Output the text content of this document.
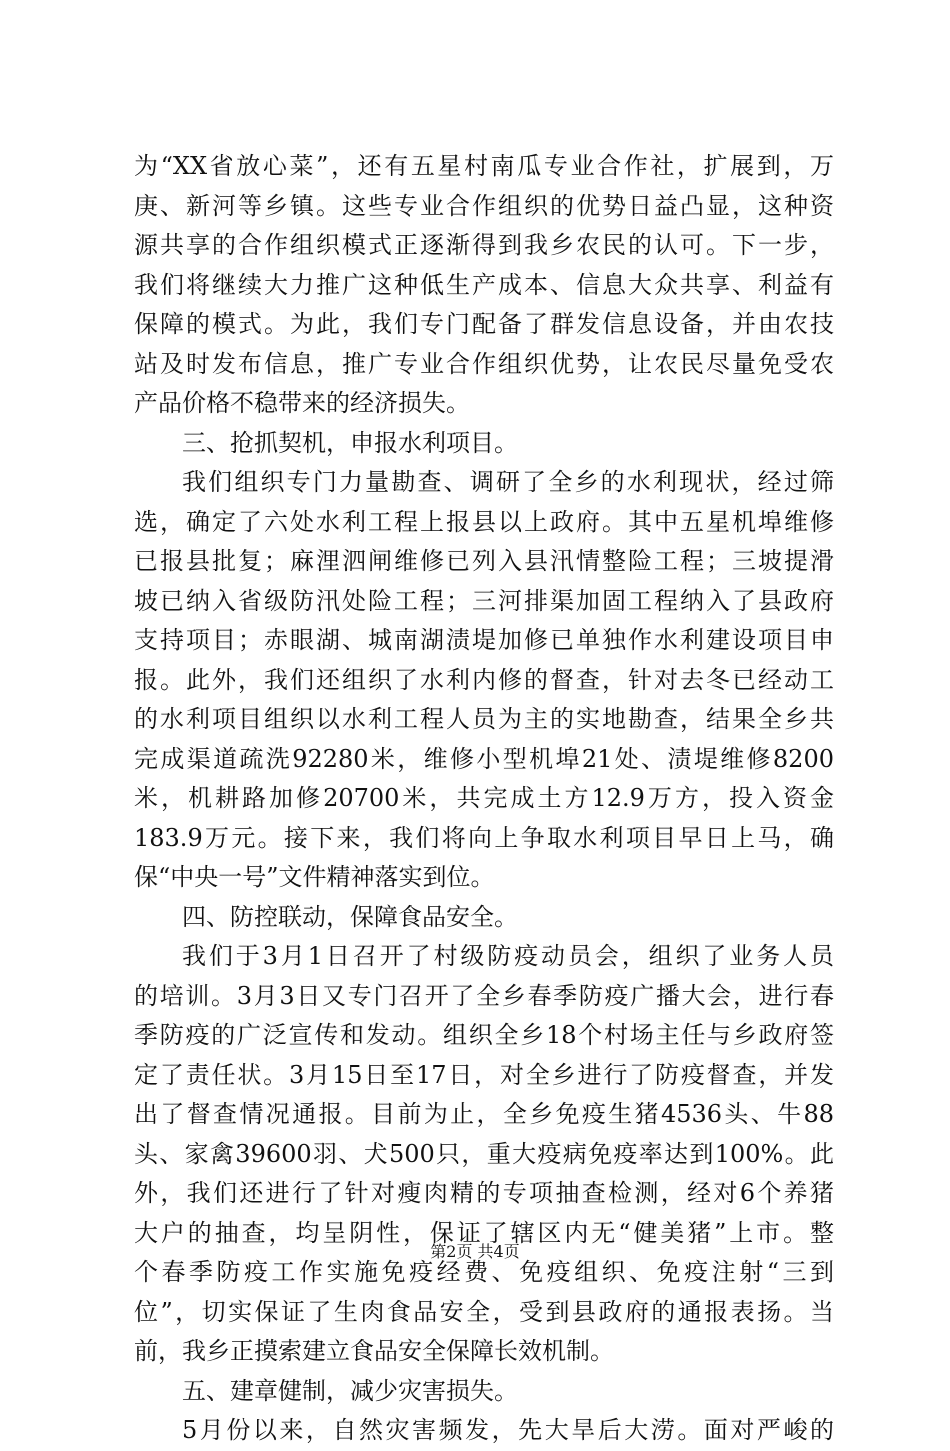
为“XX省放心菜”，还有五星村南瓜专业合作社，扩展到，万
庚、新河等乡镇。这些专业合作组织的优势日益凸显，这种资
源共享的合作组织模式正逐渐得到我乡农民的认可。下一步，
我们将继续大力推广这种低生产成本、信息大众共享、利益有
保障的模式。为此，我们专门配备了群发信息设备，并由农技
站及时发布信息，推广专业合作组织优势，让农民尽量免受农
产品价格不稳带来的经济损失。
三、抢抓契机，申报水利项目。
我们组织专门力量勘查、调研了全乡的水利现状，经过筛
选，确定了六处水利工程上报县以上政府。其中五星机埠维修
已报县批复；麻浬泗闸维修已列入县汛情整险工程；三坡提滑
坡已纳入省级防汛处险工程；三河排渠加固工程纳入了县政府
支持项目；赤眼湖、城南湖渍堤加修已单独作水利建设项目申
报。此外，我们还组织了水利内修的督查，针对去冬已经动工
的水利项目组织以水利工程人员为主的实地勘查，结果全乡共
完成渠道疏洗92280米，维修小型机埠21处、渍堤维修8200
米，机耕路加修20700米，共完成土方12.9万方，投入资金
183.9万元。接下来，我们将向上争取水利项目早日上马，确
保“中央一号”文件精神落实到位。
四、防控联动，保障食品安全。
我们于3月1日召开了村级防疫动员会，组织了业务人员
的培训。3月3日又专门召开了全乡春季防疫广播大会，进行春
季防疫的广泛宣传和发动。组织全乡18个村场主任与乡政府签
定了责任状。3月15日至17日，对全乡进行了防疫督查，并发
出了督查情况通报。目前为止，全乡免疫生猪4536头、牛88
头、家禽39600羽、犬500只，重大疫病免疫率达到100%。此
外，我们还进行了针对瘦肉精的专项抽查检测，经对6个养猪
大户的抽查，均呈阴性，保证了辖区内无“健美猪”上市。整
个春季防疫工作实施免疫经费、免疫组织、免疫注射“三到
位”，切实保证了生肉食品安全，受到县政府的通报表扬。当
前，我乡正摸索建立食品安全保障长效机制。
五、建章健制，减少灾害损失。
5月份以来，自然灾害频发，先大旱后大涝。面对严峻的
第2页 共4页
